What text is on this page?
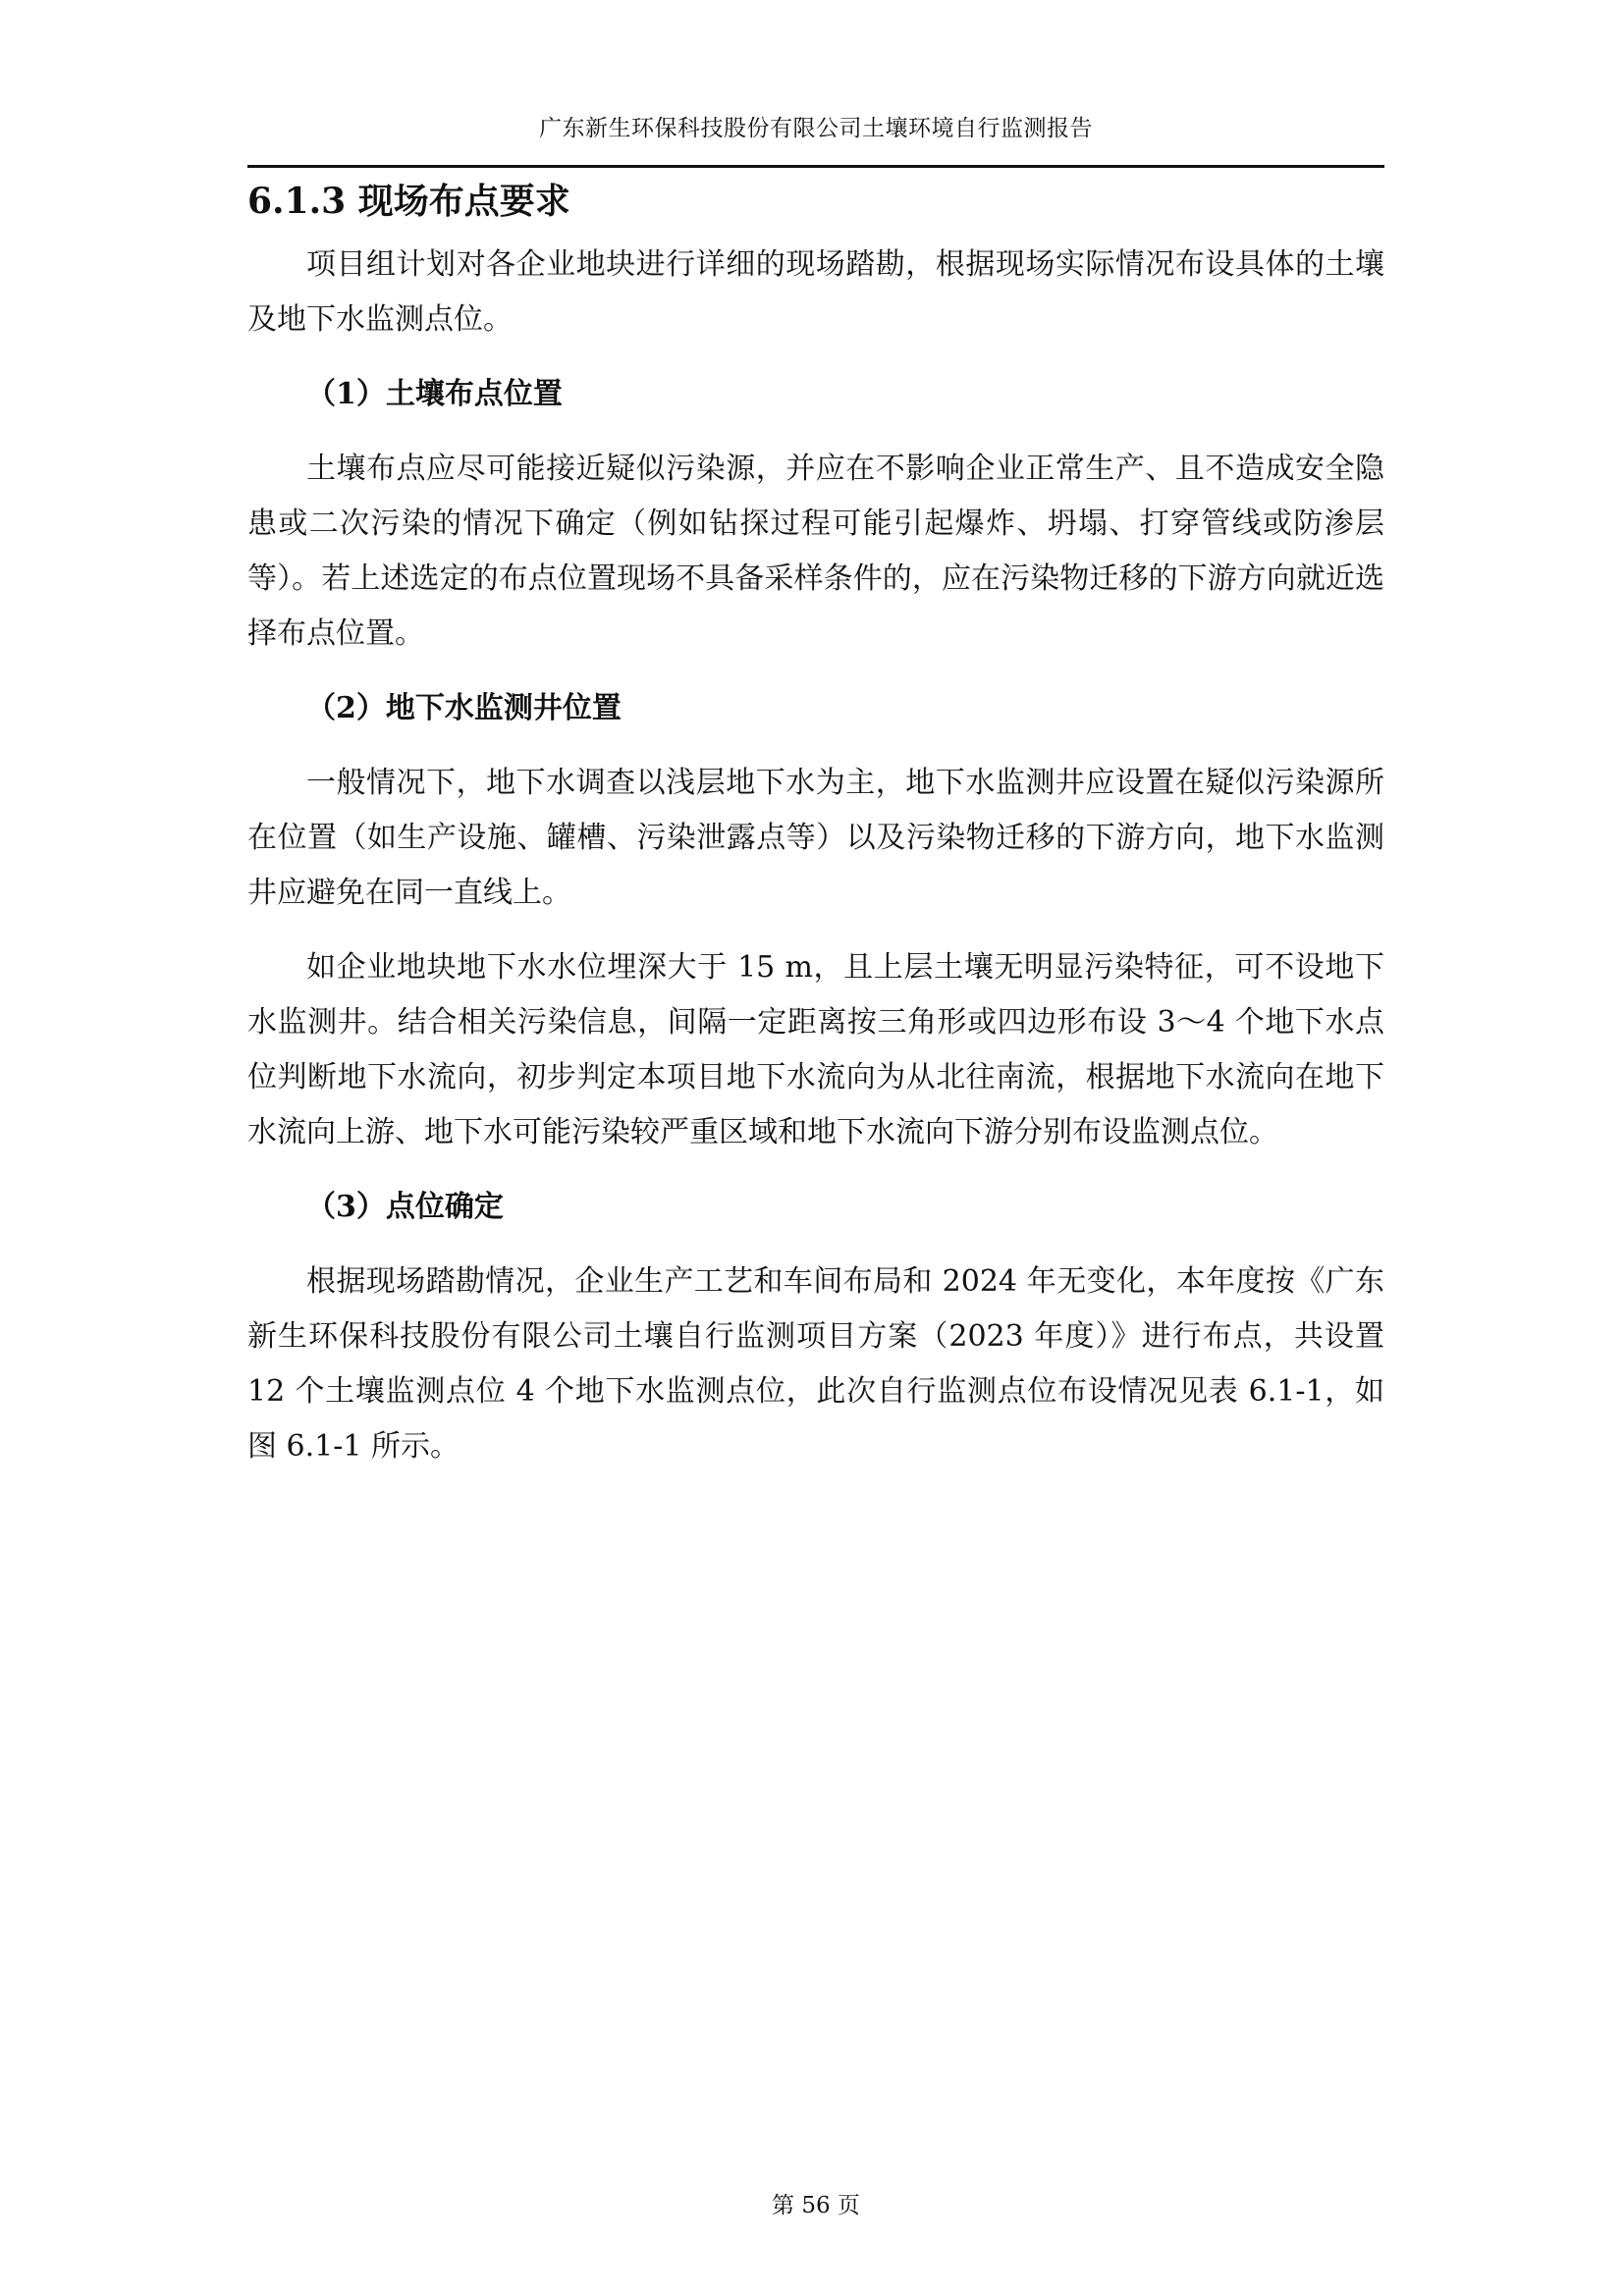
广东新生环保科技股份有限公司土壤环境自行监测报告
6.1.3 现场布点要求

项目组计划对各企业地块进行详细的现场踏勘，根据现场实际情况布设具体的土壤及地下水监测点位。

（1）土壤布点位置

土壤布点应尽可能接近疑似污染源，并应在不影响企业正常生产、且不造成安全隐患或二次污染的情况下确定（例如钻探过程可能引起爆炸、坍塌、打穿管线或防渗层等）。若上述选定的布点位置现场不具备采样条件的，应在污染物迁移的下游方向就近选择布点位置。

（2）地下水监测井位置

一般情况下，地下水调查以浅层地下水为主，地下水监测井应设置在疑似污染源所在位置（如生产设施、罐槽、污染泄露点等）以及污染物迁移的下游方向，地下水监测井应避免在同一直线上。

如企业地块地下水水位埋深大于 15 m，且上层土壤无明显污染特征，可不设地下水监测井。结合相关污染信息，间隔一定距离按三角形或四边形布设 3～4 个地下水点位判断地下水流向，初步判定本项目地下水流向为从北往南流，根据地下水流向在地下水流向上游、地下水可能污染较严重区域和地下水流向下游分别布设监测点位。

（3）点位确定

根据现场踏勘情况，企业生产工艺和车间布局和 2024 年无变化，本年度按《广东新生环保科技股份有限公司土壤自行监测项目方案（2023 年度）》进行布点，共设置 12 个土壤监测点位 4 个地下水监测点位，此次自行监测点位布设情况见表 6.1-1，如图 6.1-1 所示。

第 56 页
